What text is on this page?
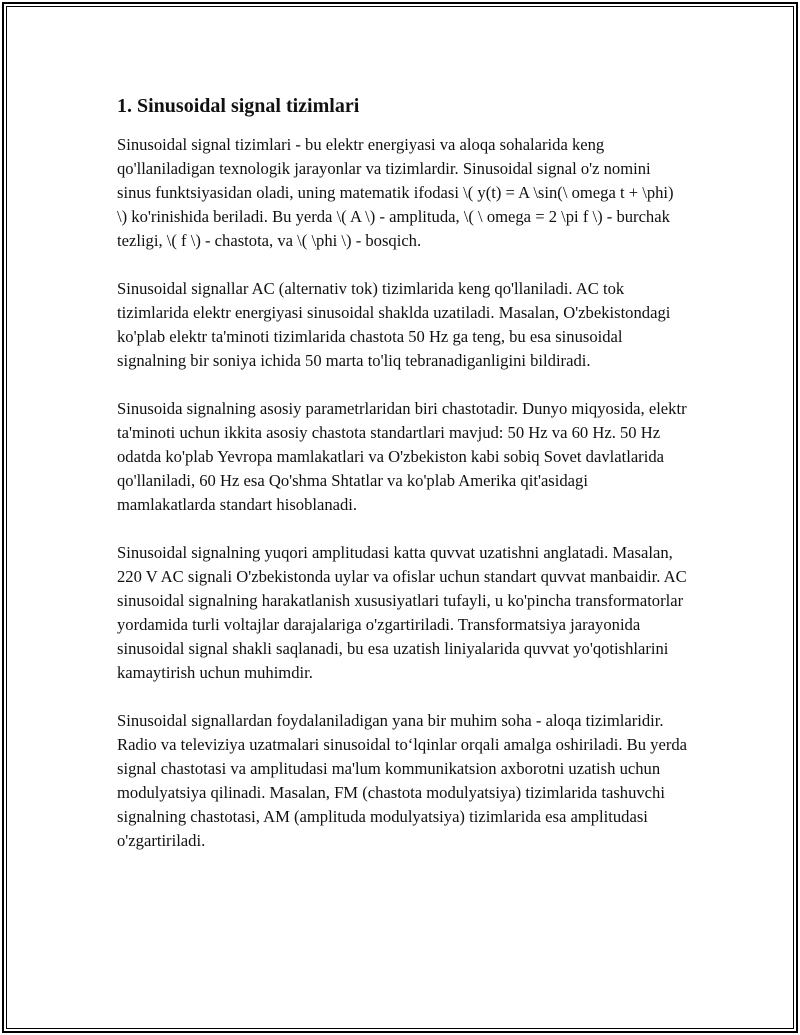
1. Sinusoidal signal tizimlari

Sinusoidal signal tizimlari - bu elektr energiyasi va aloqa sohalarida keng qo'llaniladigan texnologik jarayonlar va tizimlardir. Sinusoidal signal o'z nomini sinus funktsiyasidan oladi, uning matematik ifodasi \( y(t) = A \sin(\ omega t + \phi) \) ko'rinishida beriladi. Bu yerda \( A \) - amplituda, \( \ omega = 2 \pi f \) - burchak tezligi, \( f \) - chastota, va \( \phi \) - bosqich.

Sinusoidal signallar AC (alternativ tok) tizimlarida keng qo'llaniladi. AC tok tizimlarida elektr energiyasi sinusoidal shaklda uzatiladi. Masalan, O'zbekistondagi ko'plab elektr ta'minoti tizimlarida chastota 50 Hz ga teng, bu esa sinusoidal signalning bir soniya ichida 50 marta to'liq tebranadiganligini bildiradi.

Sinusoida signalning asosiy parametrlaridan biri chastotadir. Dunyo miqyosida, elektr ta'minoti uchun ikkita asosiy chastota standartlari mavjud: 50 Hz va 60 Hz. 50 Hz odatda ko'plab Yevropa mamlakatlari va O'zbekiston kabi sobiq Sovet davlatlarida qo'llaniladi, 60 Hz esa Qo'shma Shtatlar va ko'plab Amerika qit'asidagi mamlakatlarda standart hisoblanadi.

Sinusoidal signalning yuqori amplitudasi katta quvvat uzatishni anglatadi. Masalan, 220 V AC signali O'zbekistonda uylar va ofislar uchun standart quvvat manbaidir. AC sinusoidal signalning harakatlanish xususiyatlari tufayli, u ko'pincha transformatorlar yordamida turli voltajlar darajalariga o'zgartiriladi. Transformatsiya jarayonida sinusoidal signal shakli saqlanadi, bu esa uzatish liniyalarida quvvat yo'qotishlarini kamaytirish uchun muhimdir.

Sinusoidal signallardan foydalaniladigan yana bir muhim soha - aloqa tizimlaridir. Radio va televiziya uzatmalari sinusoidal to‘lqinlar orqali amalga oshiriladi. Bu yerda signal chastotasi va amplitudasi ma'lum kommunikatsion axborotni uzatish uchun modulyatsiya qilinadi. Masalan, FM (chastota modulyatsiya) tizimlarida tashuvchi signalning chastotasi, AM (amplituda modulyatsiya) tizimlarida esa amplitudasi o'zgartiriladi.
